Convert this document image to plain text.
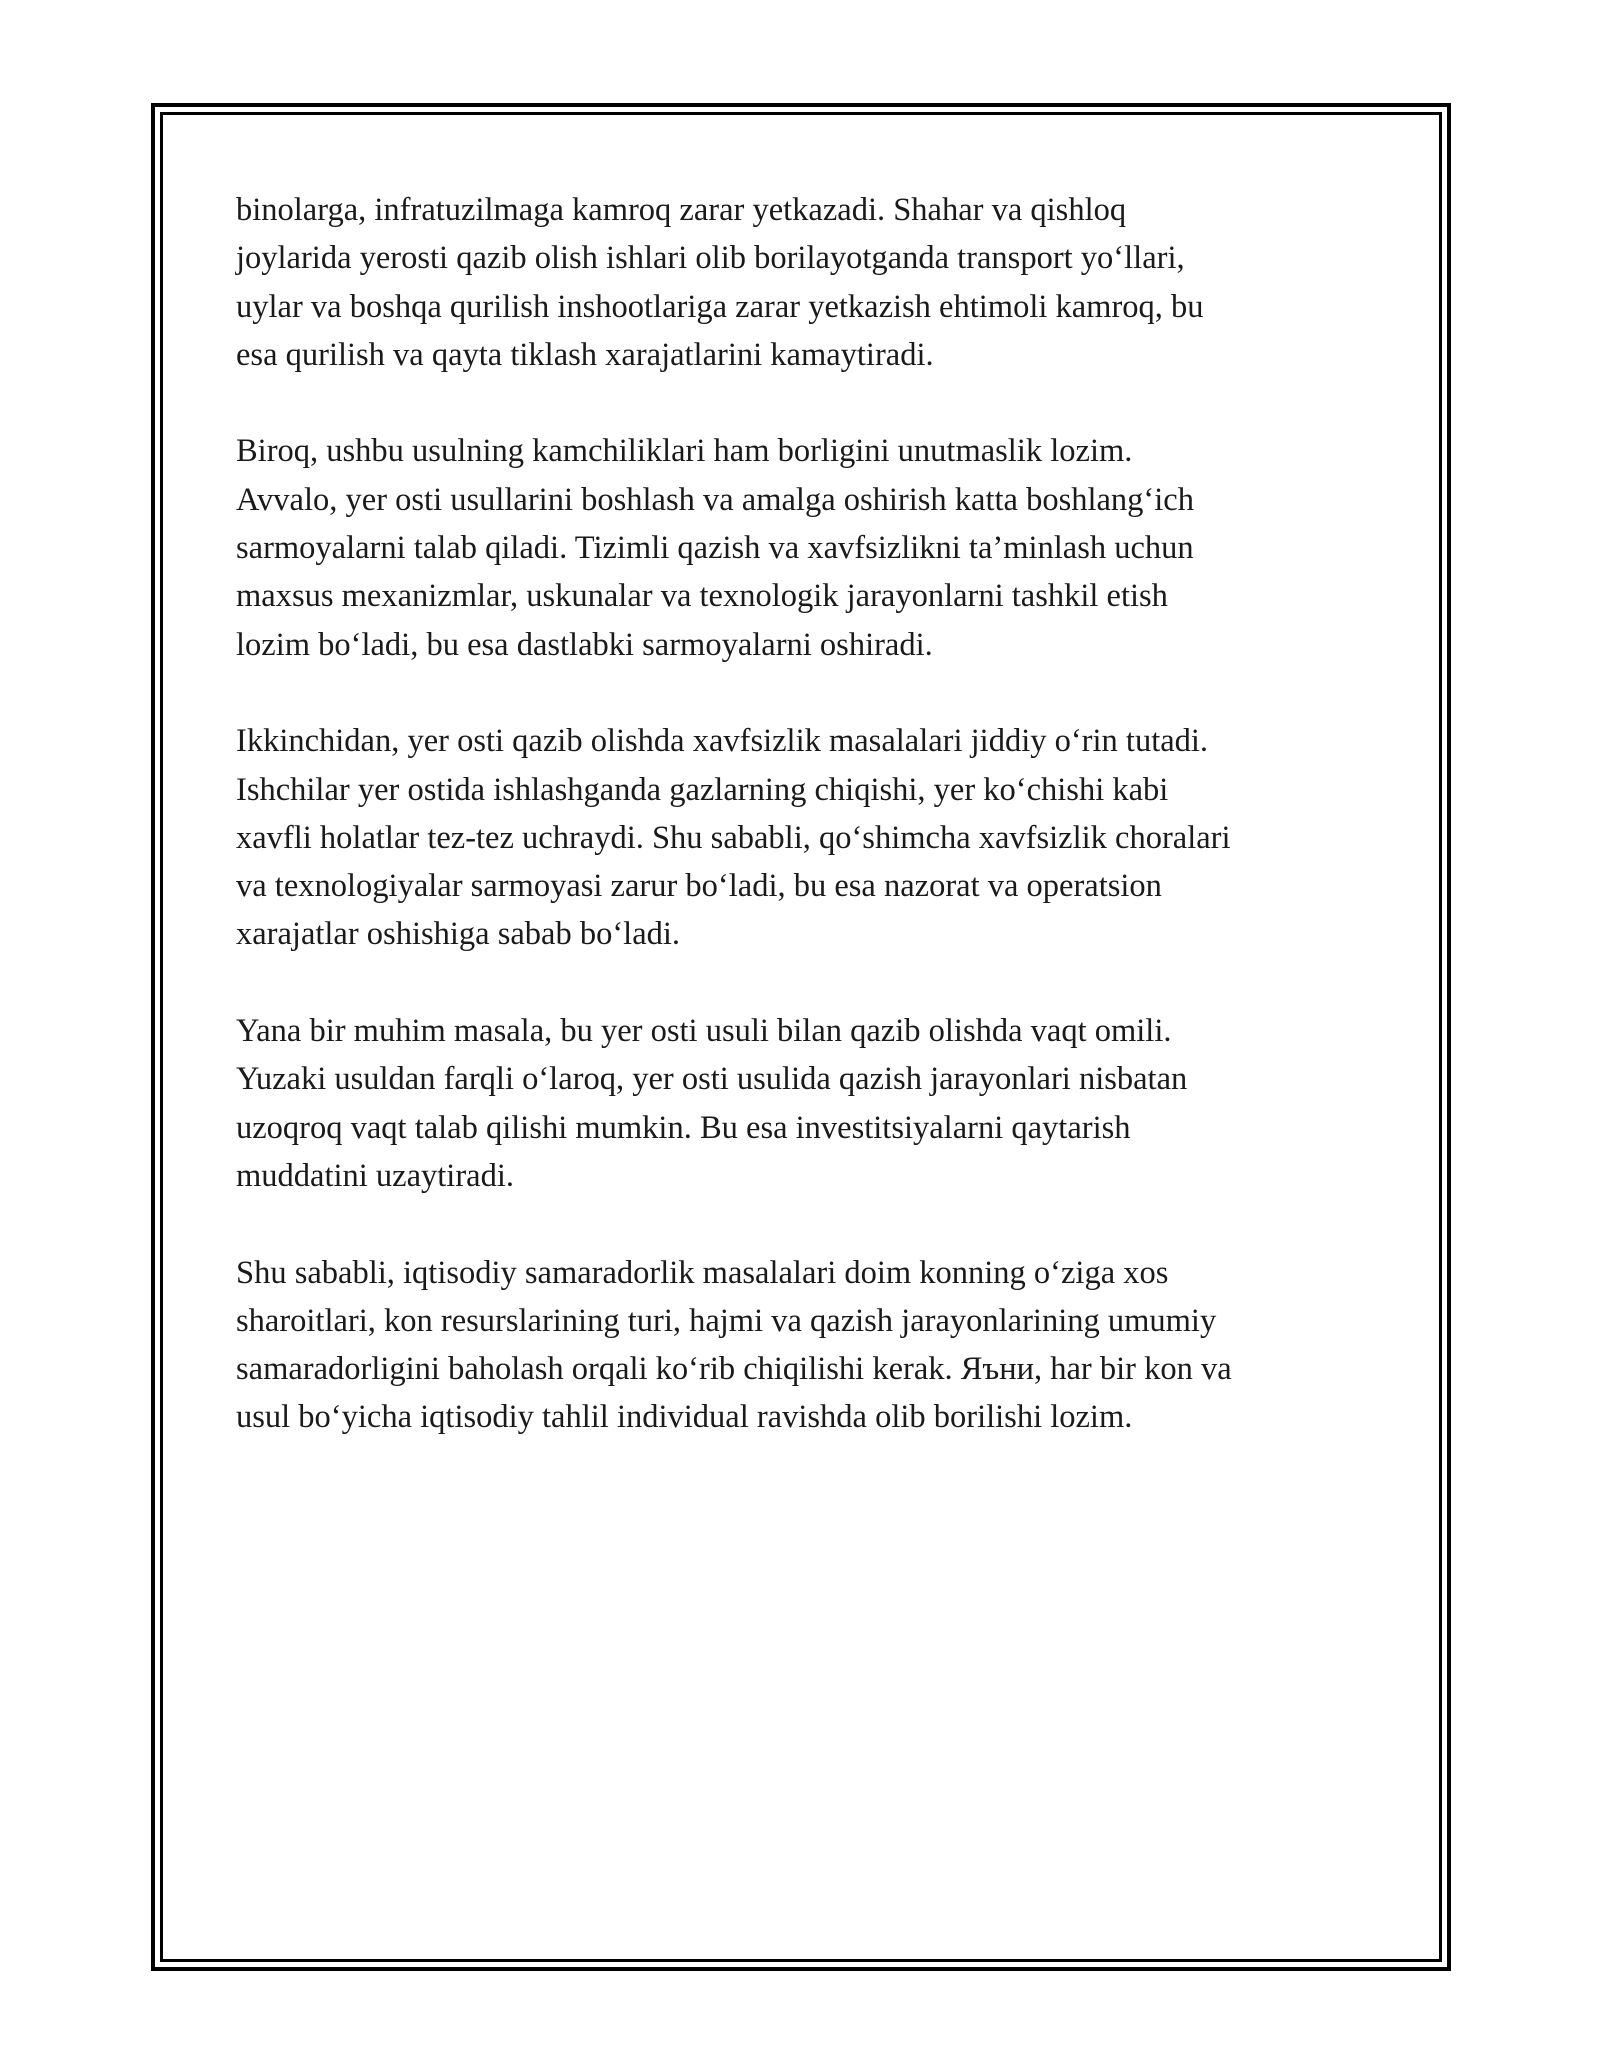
binolarga, infratuzilmaga kamroq zarar yetkazadi. Shahar va qishloq
joylarida yerosti qazib olish ishlari olib borilayotganda transport yo‘llari,
uylar va boshqa qurilish inshootlariga zarar yetkazish ehtimoli kamroq, bu
esa qurilish va qayta tiklash xarajatlarini kamaytiradi.

Biroq, ushbu usulning kamchiliklari ham borligini unutmaslik lozim.
Avvalo, yer osti usullarini boshlash va amalga oshirish katta boshlang‘ich
sarmoyalarni talab qiladi. Tizimli qazish va xavfsizlikni ta’minlash uchun
maxsus mexanizmlar, uskunalar va texnologik jarayonlarni tashkil etish
lozim bo‘ladi, bu esa dastlabki sarmoyalarni oshiradi.

Ikkinchidan, yer osti qazib olishda xavfsizlik masalalari jiddiy o‘rin tutadi.
Ishchilar yer ostida ishlashganda gazlarning chiqishi, yer ko‘chishi kabi
xavfli holatlar tez-tez uchraydi. Shu sababli, qo‘shimcha xavfsizlik choralari
va texnologiyalar sarmoyasi zarur bo‘ladi, bu esa nazorat va operatsion
xarajatlar oshishiga sabab bo‘ladi.

Yana bir muhim masala, bu yer osti usuli bilan qazib olishda vaqt omili.
Yuzaki usuldan farqli o‘laroq, yer osti usulida qazish jarayonlari nisbatan
uzoqroq vaqt talab qilishi mumkin. Bu esa investitsiyalarni qaytarish
muddatini uzaytiradi.

Shu sababli, iqtisodiy samaradorlik masalalari doim konning o‘ziga xos
sharoitlari, kon resurslarining turi, hajmi va qazish jarayonlarining umumiy
samaradorligini baholash orqali ko‘rib chiqilishi kerak. Яъни, har bir kon va
usul bo‘yicha iqtisodiy tahlil individual ravishda olib borilishi lozim.
